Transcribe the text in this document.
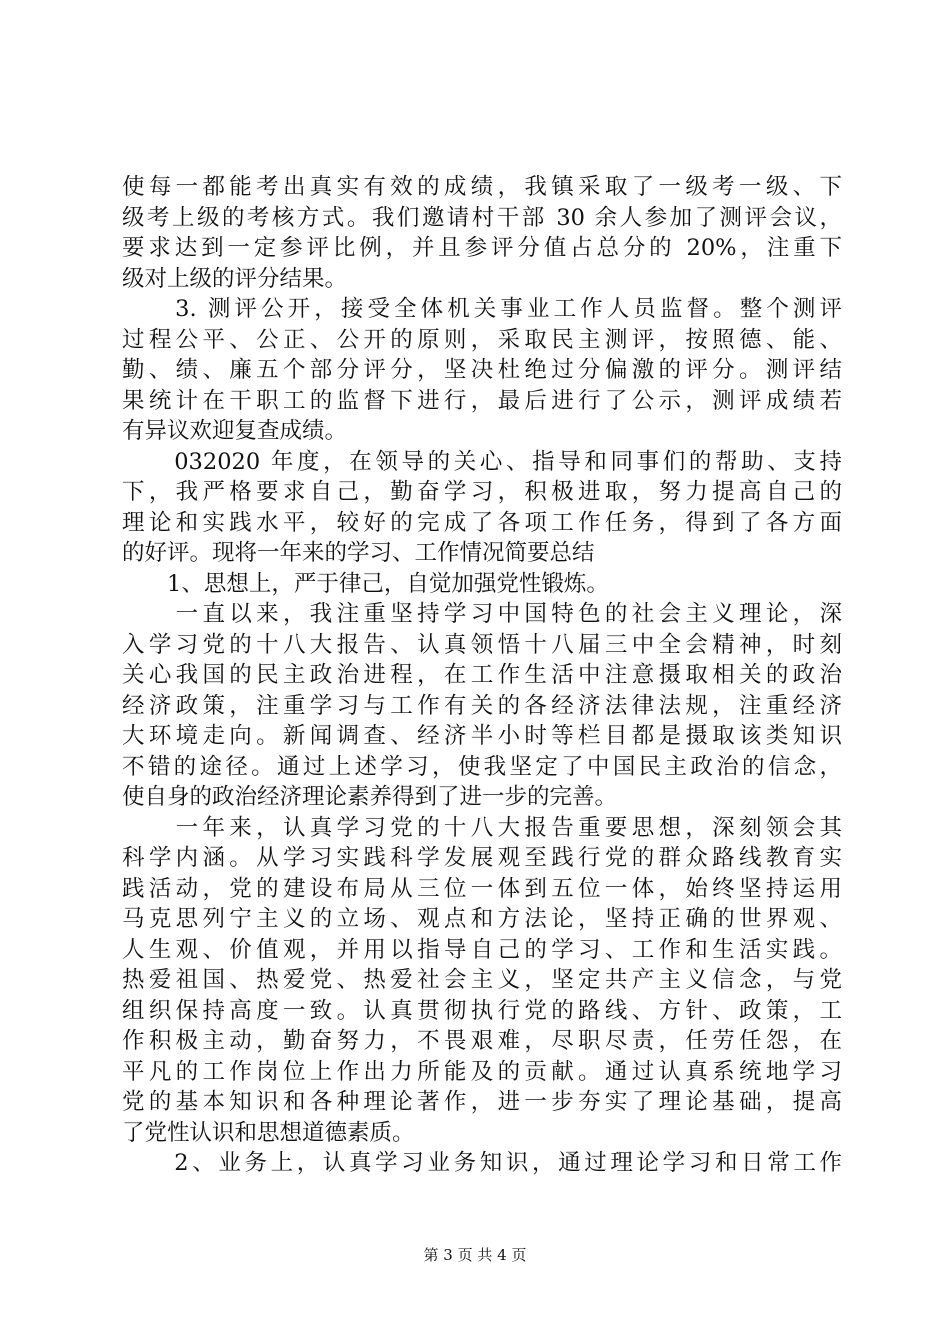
使每一都能考出真实有效的成绩，我镇采取了一级考一级、下
级考上级的考核方式。我们邀请村干部 30 余人参加了测评会议，
要求达到一定参评比例，并且参评分值占总分的 20%，注重下
级对上级的评分结果。
　　3. 测评公开，接受全体机关事业工作人员监督。整个测评
过程公平、公正、公开的原则，采取民主测评，按照德、能、
勤、绩、廉五个部分评分，坚决杜绝过分偏激的评分。测评结
果统计在干职工的监督下进行，最后进行了公示，测评成绩若
有异议欢迎复查成绩。
　　032020 年度，在领导的关心、指导和同事们的帮助、支持
下，我严格要求自己，勤奋学习，积极进取，努力提高自己的
理论和实践水平，较好的完成了各项工作任务，得到了各方面
的好评。现将一年来的学习、工作情况简要总结
　　1、思想上，严于律己，自觉加强党性锻炼。
　　一直以来，我注重坚持学习中国特色的社会主义理论，深
入学习党的十八大报告、认真领悟十八届三中全会精神，时刻
关心我国的民主政治进程，在工作生活中注意摄取相关的政治
经济政策，注重学习与工作有关的各经济法律法规，注重经济
大环境走向。新闻调查、经济半小时等栏目都是摄取该类知识
不错的途径。通过上述学习，使我坚定了中国民主政治的信念，
使自身的政治经济理论素养得到了进一步的完善。
　　一年来，认真学习党的十八大报告重要思想，深刻领会其
科学内涵。从学习实践科学发展观至践行党的群众路线教育实
践活动，党的建设布局从三位一体到五位一体，始终坚持运用
马克思列宁主义的立场、观点和方法论，坚持正确的世界观、
人生观、价值观，并用以指导自己的学习、工作和生活实践。
热爱祖国、热爱党、热爱社会主义，坚定共产主义信念，与党
组织保持高度一致。认真贯彻执行党的路线、方针、政策，工
作积极主动，勤奋努力，不畏艰难，尽职尽责，任劳任怨，在
平凡的工作岗位上作出力所能及的贡献。通过认真系统地学习
党的基本知识和各种理论著作，进一步夯实了理论基础，提高
了党性认识和思想道德素质。
　　2、业务上，认真学习业务知识，通过理论学习和日常工作
第 3 页 共 4 页
